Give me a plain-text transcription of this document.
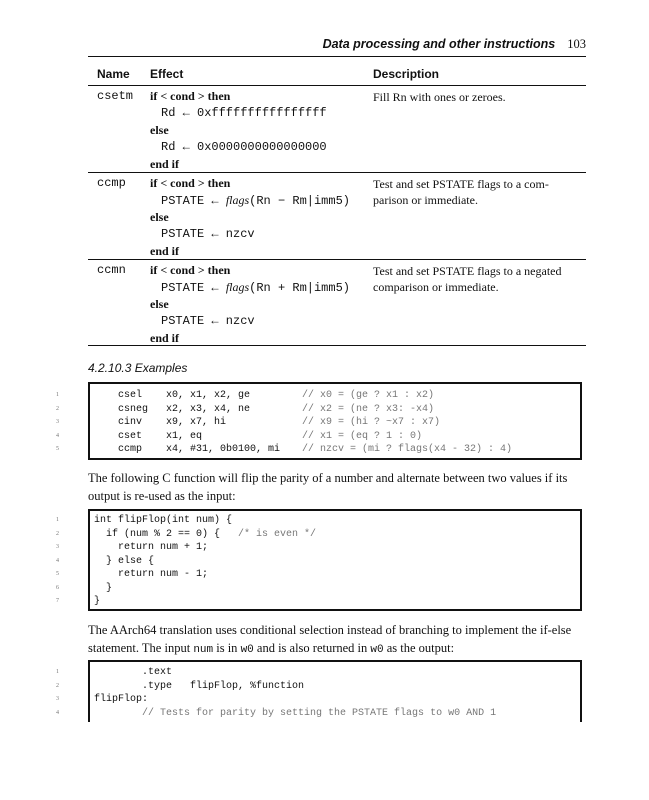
Data processing and other instructions 103
Name Effect	Description
csetm if < cond > then
Rd ← 0xffffffffffffffff
else
Rd ← 0x0000000000000000
end if
Fill Rn with ones or zeroes.
ccmp if < cond > then
PSTATE ← flags(Rn − Rm|imm5)
else
PSTATE ← nzcv
end if
Test and set PSTATE flags to a com- parison or immediate.
ccmn if < cond > then
PSTATE ← flags(Rn + Rm|imm5)
else
PSTATE ← nzcv
end if
Test and set PSTATE flags to a negated comparison or immediate.
4.2.10.3 Examples
1	csel    x0, x1, x2, ge	// x0 = (ge ? x1 : x2)
2	csneg   x2, x3, x4, ne	// x2 = (ne ? x3: -x4)
3	cinv    x9, x7, hi	// x9 = (hi ? ~x7 : x7)
4	cset    x1, eq	// x1 = (eq ? 1 : 0)
5	ccmp    x4, #31, 0b0100, mi // nzcv = (mi ? flags(x4 - 32) : 4)
The following C function will flip the parity of a number and alternate between two values if its output is re-used as the input:
1	int flipFlop(int num) {
2	if (num % 2 == 0) {   /* is even */
3	return num + 1;
4	} else {
5	return num - 1;
6	}
7	}
The AArch64 translation uses conditional selection instead of branching to implement the if-else statement. The input num is in w0 and is also returned in w0 as the output:
1	.text
2	.type   flipFlop, %function
3	flipFlop:
4	// Tests for parity by setting the PSTATE flags to w0 AND 1
